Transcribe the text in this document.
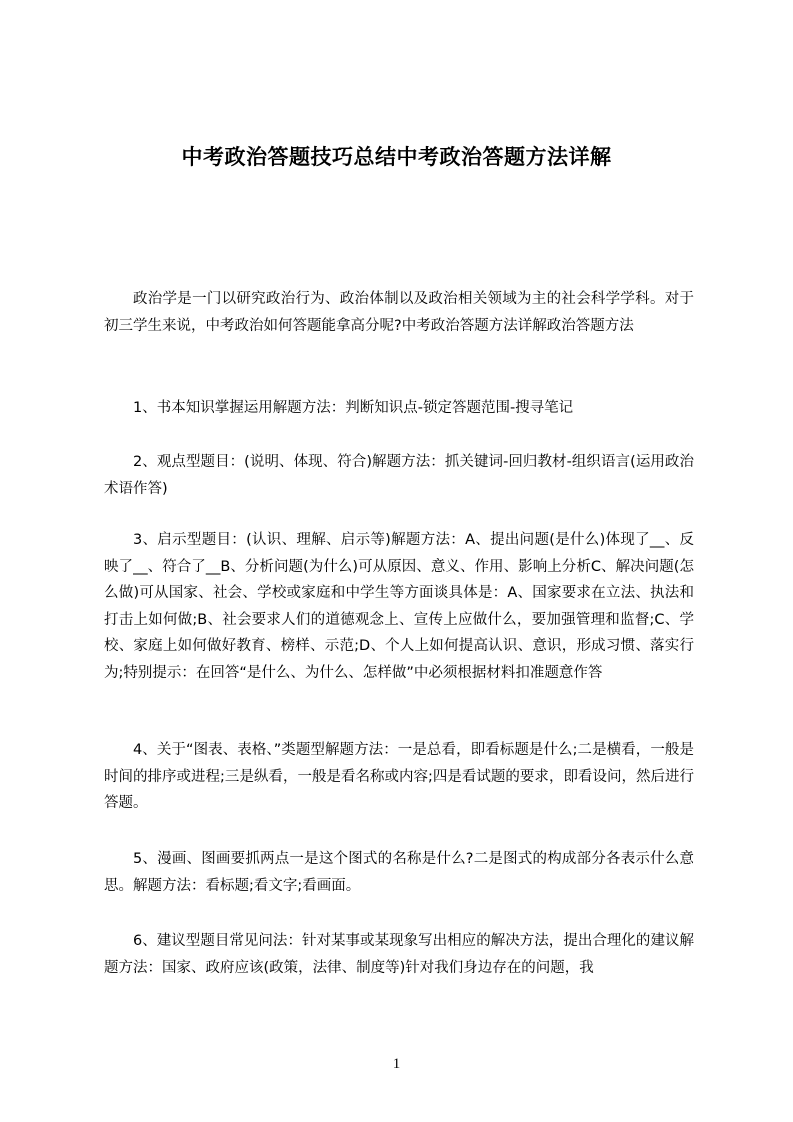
中考政治答题技巧总结中考政治答题方法详解

政治学是一门以研究政治行为、政治体制以及政治相关领域为主的社会科学学科。对于初三学生来说，中考政治如何答题能拿高分呢?中考政治答题方法详解政治答题方法

1、书本知识掌握运用解题方法：判断知识点-锁定答题范围-搜寻笔记

2、观点型题目：(说明、体现、符合)解题方法：抓关键词-回归教材-组织语言(运用政治术语作答)

3、启示型题目：(认识、理解、启示等)解题方法：A、提出问题(是什么)体现了__、反映了__、符合了__B、分析问题(为什么)可从原因、意义、作用、影响上分析C、解决问题(怎么做)可从国家、社会、学校或家庭和中学生等方面谈具体是：A、国家要求在立法、执法和打击上如何做;B、社会要求人们的道德观念上、宣传上应做什么，要加强管理和监督;C、学校、家庭上如何做好教育、榜样、示范;D、个人上如何提高认识、意识，形成习惯、落实行为;特别提示：在回答“是什么、为什么、怎样做”中必须根据材料扣准题意作答

4、关于“图表、表格、”类题型解题方法：一是总看，即看标题是什么;二是横看，一般是时间的排序或进程;三是纵看，一般是看名称或内容;四是看试题的要求，即看设问，然后进行答题。

5、漫画、图画要抓两点一是这个图式的名称是什么?二是图式的构成部分各表示什么意思。解题方法：看标题;看文字;看画面。

6、建议型题目常见问法：针对某事或某现象写出相应的解决方法，提出合理化的建议解题方法：国家、政府应该(政策，法律、制度等)针对我们身边存在的问题，我

1
